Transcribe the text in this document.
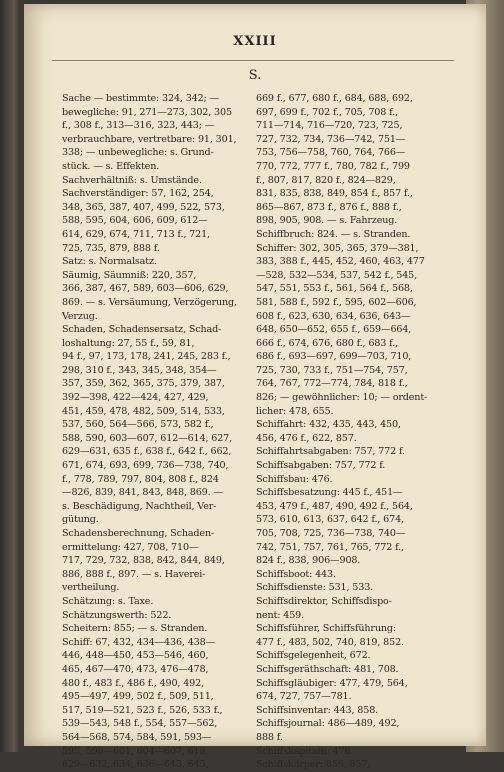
XXIII
S.
Sache — bestimmte: 324, 342; —
bewegliche: 91, 271—273, 302, 305
f., 308 f., 313—316, 323, 443; —
verbrauchbare, vertretbare: 91, 301,
338; — unbewegliche: s. Grund-
stück. — s. Effekten.
Sachverhältniß: s. Umstände.
Sachverständiger: 57, 162, 254,
348, 365, 387, 407, 499, 522, 573,
588, 595, 604, 606, 609, 612—
614, 629, 674, 711, 713 f., 721,
725, 735, 879, 888 f.
Satz: s. Normalsatz.
Säumig, Säumniß: 220, 357,
366, 387, 467, 589, 603—606, 629,
869. — s. Versäumung, Verzögerung,
Verzug.
Schaden, Schadensersatz, Schad-
loshaltung: 27, 55 f., 59, 81,
94 f., 97, 173, 178, 241, 245, 283 f.,
298, 310 f., 343, 345, 348, 354—
357, 359, 362, 365, 375, 379, 387,
392—398, 422—424, 427, 429,
451, 459, 478, 482, 509, 514, 533,
537, 560, 564—566, 573, 582 f.,
588, 590, 603—607, 612—614, 627,
629—631, 635 f., 638 f., 642 f., 662,
671, 674, 693, 699, 736—738, 740,
f., 778, 789, 797, 804, 808 f., 824
—826, 839, 841, 843, 848, 869. —
s. Beschädigung, Nachtheil, Ver-
gütung.
Schadensberechnung, Schaden-
ermittelung: 427, 708, 710—
717, 729, 732, 838, 842, 844, 849,
886, 888 f., 897. — s. Haverei-
vertheilung.
Schätzung: s. Taxe.
Schätzungswerth: 522.
Scheitern: 855; — s. Stranden.
Schiff: 67, 432, 434—436, 438—
446, 448—450, 453—546, 460,
465, 467—470, 473, 476—478,
480 f., 483 f., 486 f., 490, 492,
495—497, 499, 502 f., 509, 511,
517, 519—521, 523 f., 526, 533 f.,
539—543, 548 f., 554, 557—562,
564—568, 574, 584, 591, 593—
595, 598—601, 604—607, 618,
629—632, 634, 636—643, 645,
669 f., 677, 680 f., 684, 688, 692,
697, 699 f., 702 f., 705, 708 f.,
711—714, 716—720, 723, 725,
727, 732, 734, 736—742, 751—
753, 756—758, 760, 764, 766—
770, 772, 777 f., 780, 782 f., 799
f., 807, 817, 820 f., 824—829,
831, 835, 838, 849, 854 f., 857 f.,
865—867, 873 f., 876 f., 888 f.,
898, 905, 908. — s. Fahrzeug.
Schiffbruch: 824. — s. Stranden.
Schiffer: 302, 305, 365, 379—381,
383, 388 f., 445, 452, 460, 463, 477
—528, 532—534, 537, 542 f., 545,
547, 551, 553 f., 561, 564 f., 568,
581, 588 f., 592 f., 595, 602—606,
608 f., 623, 630, 634, 636, 643—
648, 650—652, 655 f., 659—664,
666 f., 674, 676, 680 f., 683 f.,
686 f., 693—697, 699—703, 710,
725, 730, 733 f., 751—754, 757,
764, 767, 772—774, 784, 818 f.,
826; — gewöhnlicher: 10; — ordent-
licher: 478, 655.
Schiffahrt: 432, 435, 443, 450,
456, 476 f., 622, 857.
Schiffahrtsabgaben: 757, 772 f.
Schiffsabgaben: 757, 772 f.
Schiffsbau: 476.
Schiffsbesatzung: 445 f., 451—
453, 479 f., 487, 490, 492 f., 564,
573, 610, 613, 637, 642 f., 674,
705, 708, 725, 736—738, 740—
742, 751, 757, 761, 765, 772 f.,
824 f., 838, 906—908.
Schiffsboot: 443.
Schiffsdienste: 531, 533.
Schiffsdirektor, Schiffsdispo-
nent: 459.
Schiffsführer, Schiffsführung:
477 f., 483, 502, 740, 819, 852.
Schiffsgelegenheit, 672.
Schiffsgeräthschaft: 481, 708.
Schiffsgläubiger: 477, 479, 564,
674, 727, 757—781.
Schiffsinventar: 443, 858.
Schiffsjournal: 486—489, 492,
888 f.
Schiffskapitain: 478.
Schiffskörper: 855, 857.
